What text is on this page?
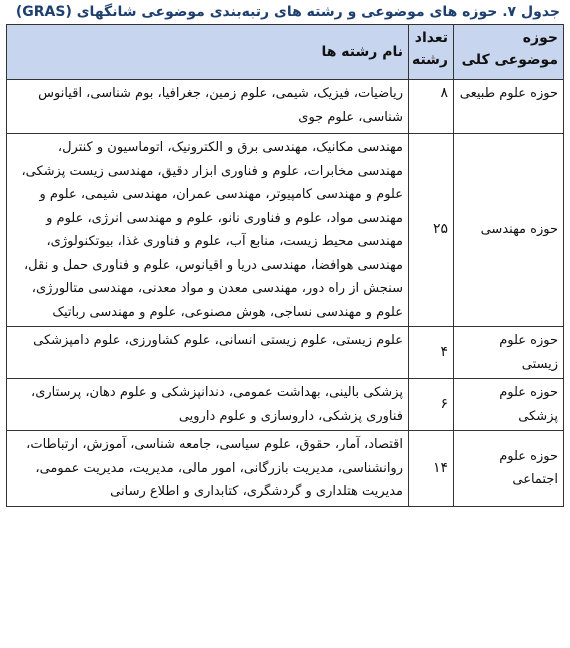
جدول ۷. حوزه های موضوعی و رشته های رتبه‌بندی موضوعی شانگهای (GRAS)

حوزه موضوعی کلی	تعداد رشته	نام رشته ها
حوزه علوم طبیعی	۸	ریاضیات، فیزیک، شیمی، علوم زمین، جغرافیا، بوم شناسی، اقیانوس شناسی، علوم جوی
حوزه مهندسی	۲۵	مهندسی مکانیک، مهندسی برق و الکترونیک، اتوماسیون و کنترل، مهندسی مخابرات، علوم و فناوری ابزار دقیق، مهندسی زیست پزشکی، علوم و مهندسی کامپیوتر، مهندسی عمران، مهندسی شیمی، علوم و مهندسی مواد، علوم و فناوری نانو، علوم و مهندسی انرژی، علوم و مهندسی محیط زیست، منابع آب، علوم و فناوری غذا، بیوتکنولوژی، مهندسی هوافضا، مهندسی دریا و اقیانوس، علوم و فناوری حمل و نقل، سنجش از راه دور، مهندسی معدن و مواد معدنی، مهندسی متالورژی، علوم و مهندسی نساجی، هوش مصنوعی، علوم و مهندسی رباتیک
حوزه علوم زیستی	۴	علوم زیستی، علوم زیستی انسانی، علوم کشاورزی، علوم دامپزشکی
حوزه علوم پزشکی	۶	پزشکی بالینی، بهداشت عمومی، دندانپزشکی و علوم دهان، پرستاری، فناوری پزشکی، داروسازی و علوم دارویی
حوزه علوم اجتماعی	۱۴	اقتصاد، آمار، حقوق، علوم سیاسی، جامعه شناسی، آموزش، ارتباطات، روانشناسی، مدیریت بازرگانی، امور مالی، مدیریت، مدیریت عمومی، مدیریت هتلداری و گردشگری، کتابداری و اطلاع رسانی
